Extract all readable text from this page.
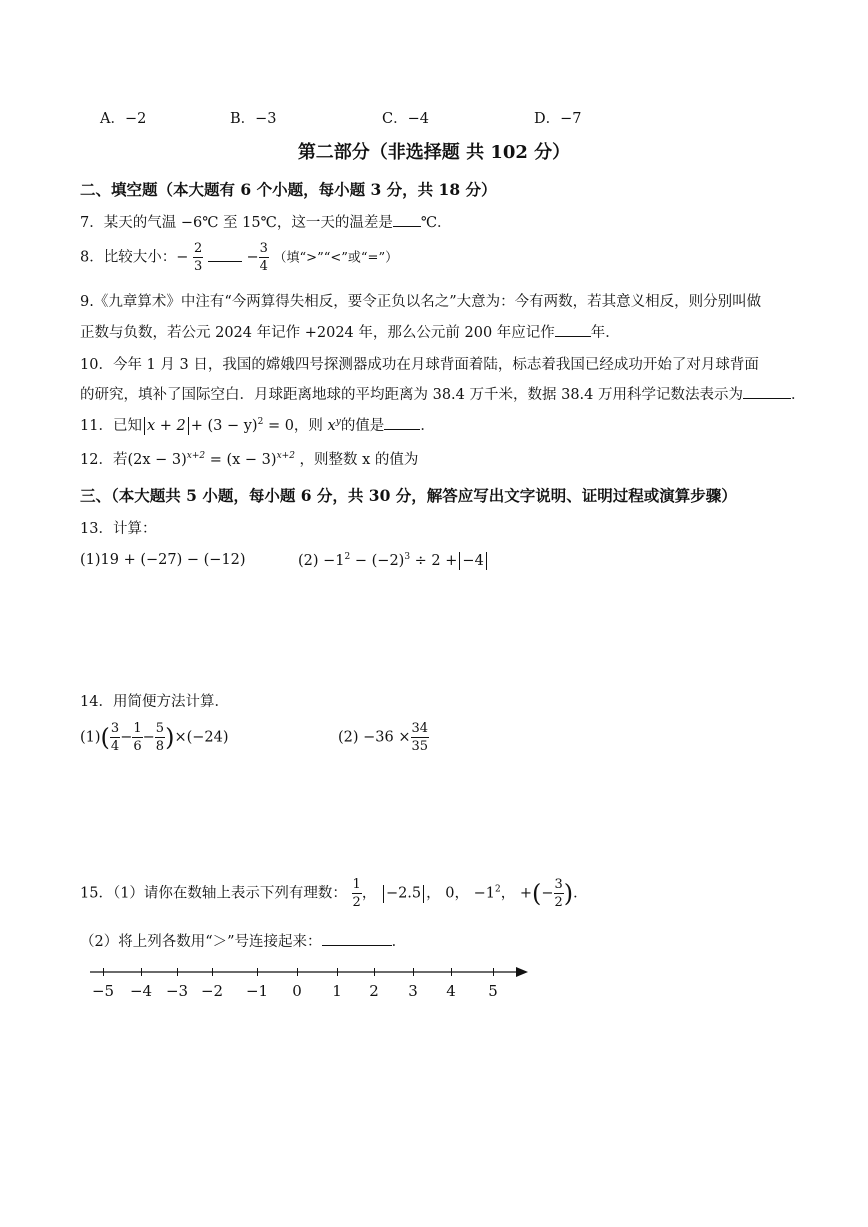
A．−2	B．−3	C．−4	D．−7
第二部分（非选择题 共 102 分）
二、填空题（本大题有 6 个小题，每小题 3 分，共 18 分）
7．某天的气温 −6℃ 至 15℃，这一天的温差是 ℃．
8．比较大小：− $\frac{2}{3}$	− $\frac{3}{4}$ （填“>”“<”或“=”）
9.《九章算术》中注有“今两算得失相反，要令正负以名之”大意为：今有两数，若其意义相反，则分别叫做
正数与负数，若公元 2024 年记作 +2024 年，那么公元前 200 年应记作 年．
10．今年 1 月 3 日，我国的嫦娥四号探测器成功在月球背面着陆，标志着我国已经成功开始了对月球背面
的研究，填补了国际空白．月球距离地球的平均距离为 38.4 万千米，数据 38.4 万用科学记数法表示为	．
11．已知 $x + 2 + (3 - y)^2 = 0$，则 $x^y$的值是 ．
12．若$(2x - 3)^{x+2} = (x - 3)^{x+2}$ ，则整数 x 的值为
三、（本大题共 5 小题，每小题 6 分，共 30 分，解答应写出文字说明、证明过程或演算步骤）
13．计算：
(1)19 + (−27) − (−12)	$(2) -1^2 - (-2)^3 \div 2 + -4$
14．用简便方法计算．
$(1)( \frac{3}{4} - \frac{1}{6} - \frac{5}{8} )\times(-24)$	$(2) -36 \times \frac{34}{35}$
15．（1）请你在数轴上表示下列有理数： $\frac{1}{2}$ ， −2.5 ， 0， $-1^2$， +(− $\frac{3}{2}$ )．
（2）将上列各数用“＞”号连接起来：	．
−5	−4 −3 −2	−1	0	1	2	3	4	5
